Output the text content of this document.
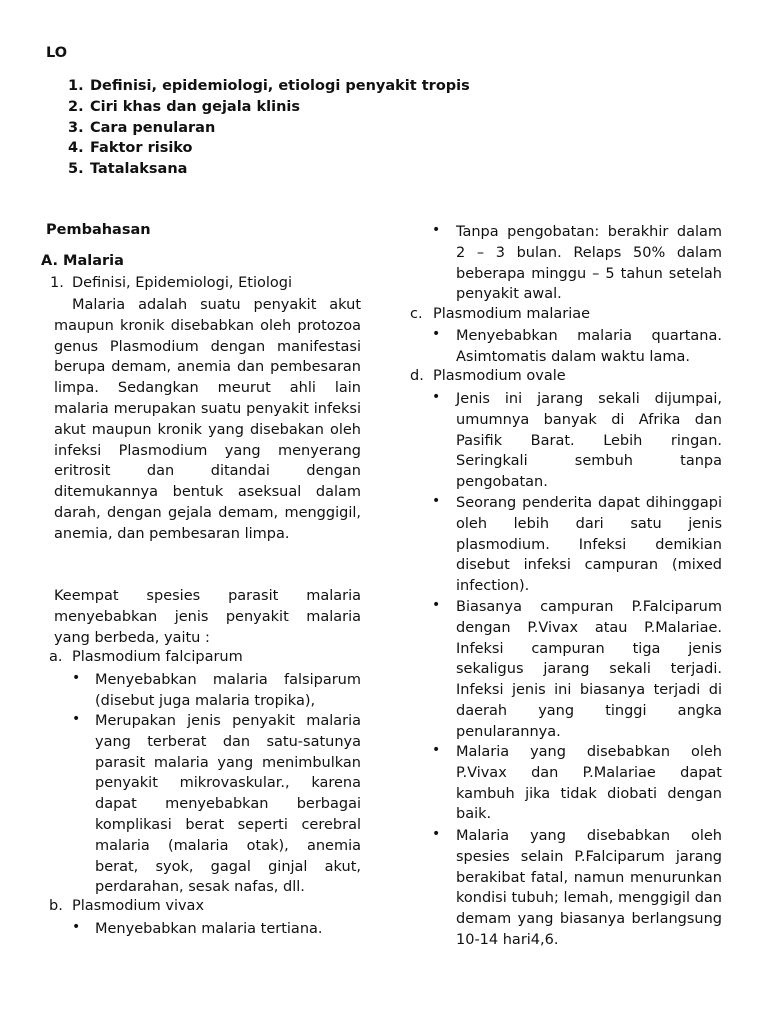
LO
1. Definisi, epidemiologi, etiologi penyakit tropis
2. Ciri khas dan gejala klinis
3. Cara penularan
4. Faktor risiko
5. Tatalaksana
Pembahasan
A. Malaria
1. Definisi, Epidemiologi, Etiologi
Malaria adalah suatu penyakit akut maupun kronik disebabkan oleh protozoa genus Plasmodium dengan manifestasi berupa demam, anemia dan pembesaran limpa. Sedangkan meurut ahli lain malaria merupakan suatu penyakit infeksi akut maupun kronik yang disebakan oleh infeksi Plasmodium yang menyerang eritrosit dan ditandai dengan ditemukannya bentuk aseksual dalam darah, dengan gejala demam, menggigil, anemia, dan pembesaran limpa.
Keempat spesies parasit malaria menyebabkan jenis penyakit malaria yang berbeda, yaitu :
a. Plasmodium falciparum
• Menyebabkan malaria falsiparum (disebut juga malaria tropika),
• Merupakan jenis penyakit malaria yang terberat dan satu-satunya parasit malaria yang menimbulkan penyakit mikrovaskular., karena dapat menyebabkan berbagai komplikasi berat seperti cerebral malaria (malaria otak), anemia berat, syok, gagal ginjal akut, perdarahan, sesak nafas, dll.
b. Plasmodium vivax
• Menyebabkan malaria tertiana.
• Tanpa pengobatan: berakhir dalam 2 – 3 bulan. Relaps 50% dalam beberapa minggu – 5 tahun setelah penyakit awal.
c. Plasmodium malariae
• Menyebabkan malaria quartana. Asimtomatis dalam waktu lama.
d. Plasmodium ovale
• Jenis ini jarang sekali dijumpai, umumnya banyak di Afrika dan Pasifik Barat. Lebih ringan. Seringkali sembuh tanpa pengobatan.
• Seorang penderita dapat dihinggapi oleh lebih dari satu jenis plasmodium. Infeksi demikian disebut infeksi campuran (mixed infection).
• Biasanya campuran P.Falciparum dengan P.Vivax atau P.Malariae. Infeksi campuran tiga jenis sekaligus jarang sekali terjadi. Infeksi jenis ini biasanya terjadi di daerah yang tinggi angka penularannya.
• Malaria yang disebabkan oleh P.Vivax dan P.Malariae dapat kambuh jika tidak diobati dengan baik.
• Malaria yang disebabkan oleh spesies selain P.Falciparum jarang berakibat fatal, namun menurunkan kondisi tubuh; lemah, menggigil dan demam yang biasanya berlangsung 10-14 hari4,6.
